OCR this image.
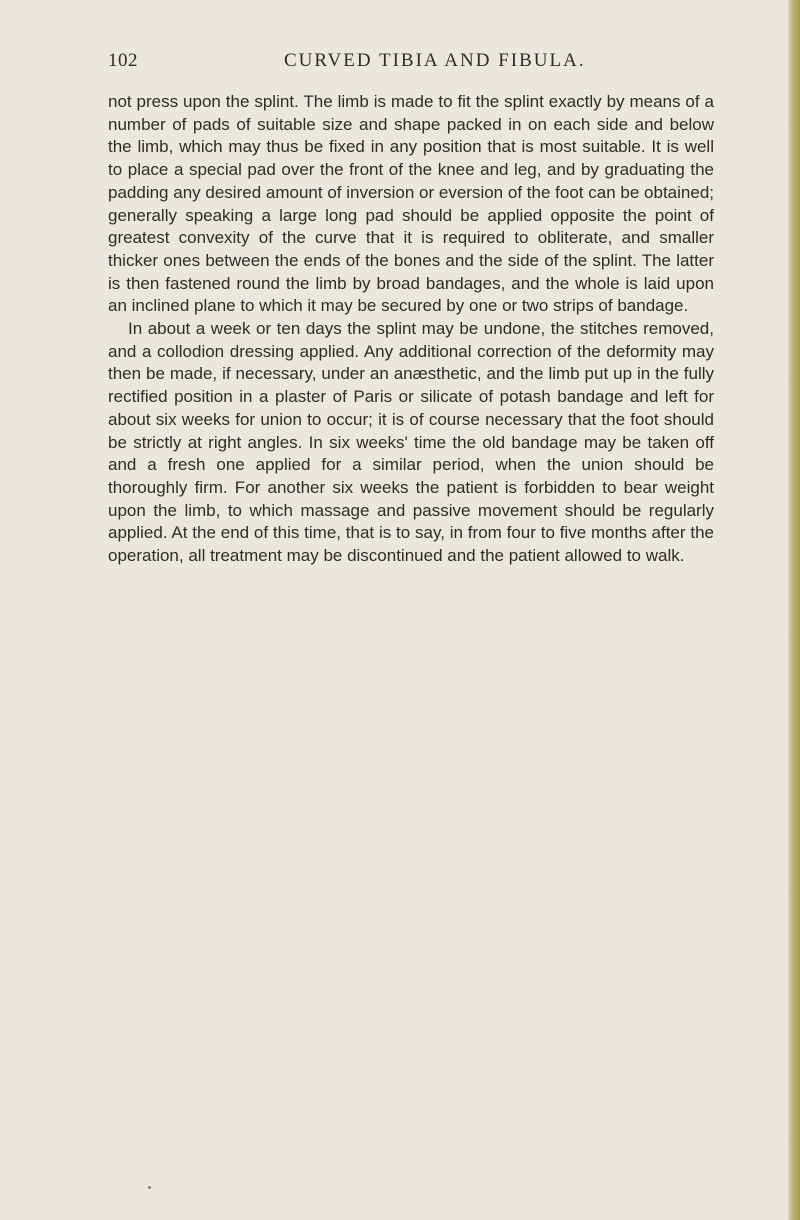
102	CURVED TIBIA AND FIBULA.

not press upon the splint. The limb is made to fit the splint exactly by means of a number of pads of suitable size and shape packed in on each side and below the limb, which may thus be fixed in any position that is most suitable. It is well to place a special pad over the front of the knee and leg, and by graduating the padding any desired amount of inversion or eversion of the foot can be obtained; generally speaking a large long pad should be applied opposite the point of greatest convexity of the curve that it is required to obliterate, and smaller thicker ones between the ends of the bones and the side of the splint. The latter is then fastened round the limb by broad bandages, and the whole is laid upon an inclined plane to which it may be secured by one or two strips of bandage.

In about a week or ten days the splint may be undone, the stitches removed, and a collodion dressing applied. Any additional correction of the deformity may then be made, if necessary, under an anæsthetic, and the limb put up in the fully rectified position in a plaster of Paris or silicate of potash bandage and left for about six weeks for union to occur; it is of course necessary that the foot should be strictly at right angles. In six weeks' time the old bandage may be taken off and a fresh one applied for a similar period, when the union should be thoroughly firm. For another six weeks the patient is forbidden to bear weight upon the limb, to which massage and passive movement should be regularly applied. At the end of this time, that is to say, in from four to five months after the operation, all treatment may be discontinued and the patient allowed to walk.
